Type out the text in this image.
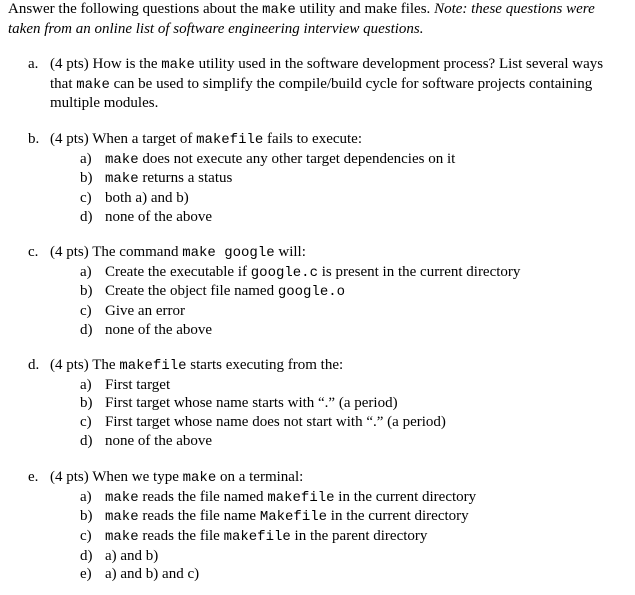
Answer the following questions about the make utility and make files. Note: these questions were taken from an online list of software engineering interview questions.
a. (4 pts) How is the make utility used in the software development process? List several ways that make can be used to simplify the compile/build cycle for software projects containing multiple modules.
b. (4 pts) When a target of makefile fails to execute:
a) make does not execute any other target dependencies on it
b) make returns a status
c) both a) and b)
d) none of the above
c. (4 pts) The command make google will:
a) Create the executable if google.c is present in the current directory
b) Create the object file named google.o
c) Give an error
d) none of the above
d. (4 pts) The makefile starts executing from the:
a) First target
b) First target whose name starts with “.” (a period)
c) First target whose name does not start with “.” (a period)
d) none of the above
e. (4 pts) When we type make on a terminal:
a) make reads the file named makefile in the current directory
b) make reads the file name Makefile in the current directory
c) make reads the file makefile in the parent directory
d) a) and b)
e) a) and b) and c)
